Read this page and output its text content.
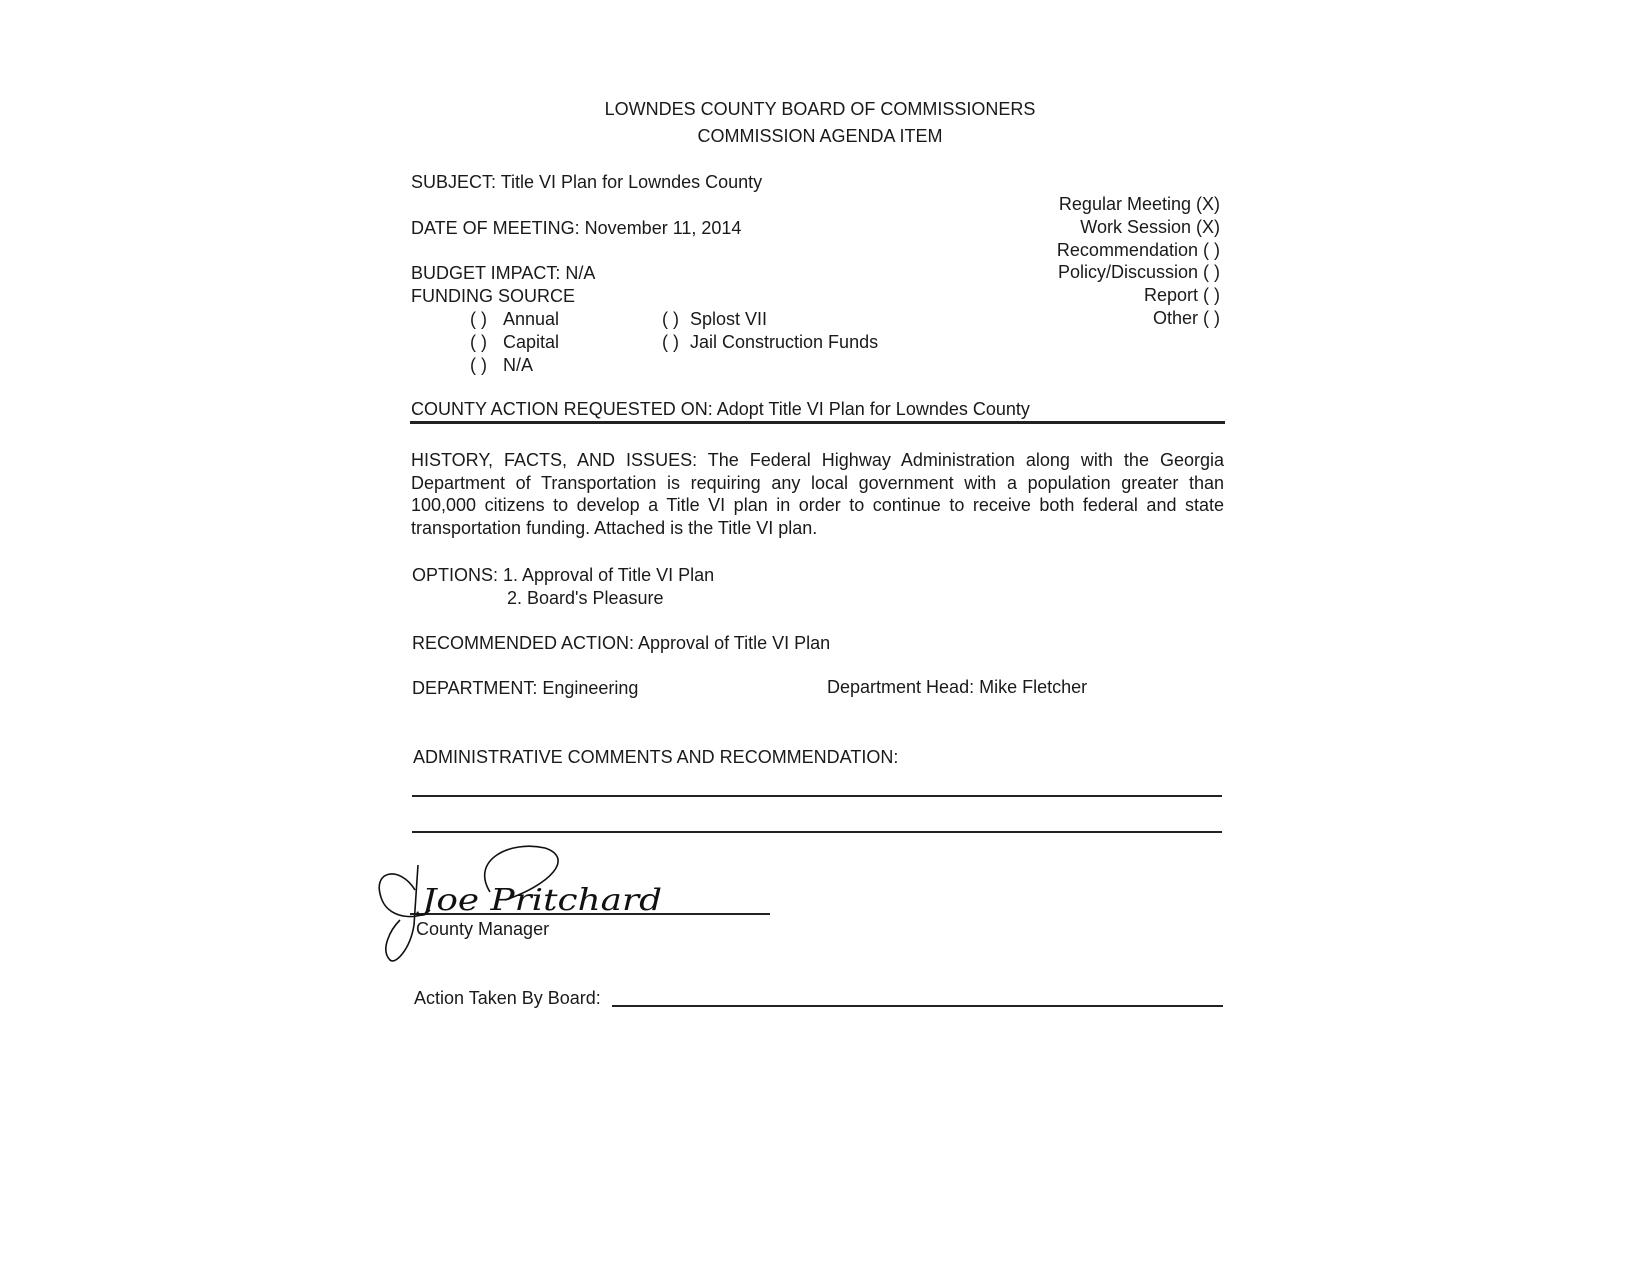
LOWNDES COUNTY BOARD OF COMMISSIONERS
COMMISSION AGENDA ITEM
SUBJECT: Title VI Plan for Lowndes County
DATE OF MEETING: November 11, 2014
BUDGET IMPACT: N/A
FUNDING SOURCE
( ) Annual
( ) Capital
( ) N/A
( ) Splost VII
( ) Jail Construction Funds
Regular Meeting (X)
Work Session (X)
Recommendation ( )
Policy/Discussion ( )
Report ( )
Other ( )
COUNTY ACTION REQUESTED ON: Adopt Title VI Plan for Lowndes County
HISTORY, FACTS, AND ISSUES: The Federal Highway Administration along with the Georgia Department of Transportation is requiring any local government with a population greater than 100,000 citizens to develop a Title VI plan in order to continue to receive both federal and state transportation funding. Attached is the Title VI plan.
OPTIONS: 1. Approval of Title VI Plan
2. Board's Pleasure
RECOMMENDED ACTION: Approval of Title VI Plan
DEPARTMENT: Engineering	Department Head: Mike Fletcher
ADMINISTRATIVE COMMENTS AND RECOMMENDATION:
Joe Pritchard
County Manager
Action Taken By Board:
